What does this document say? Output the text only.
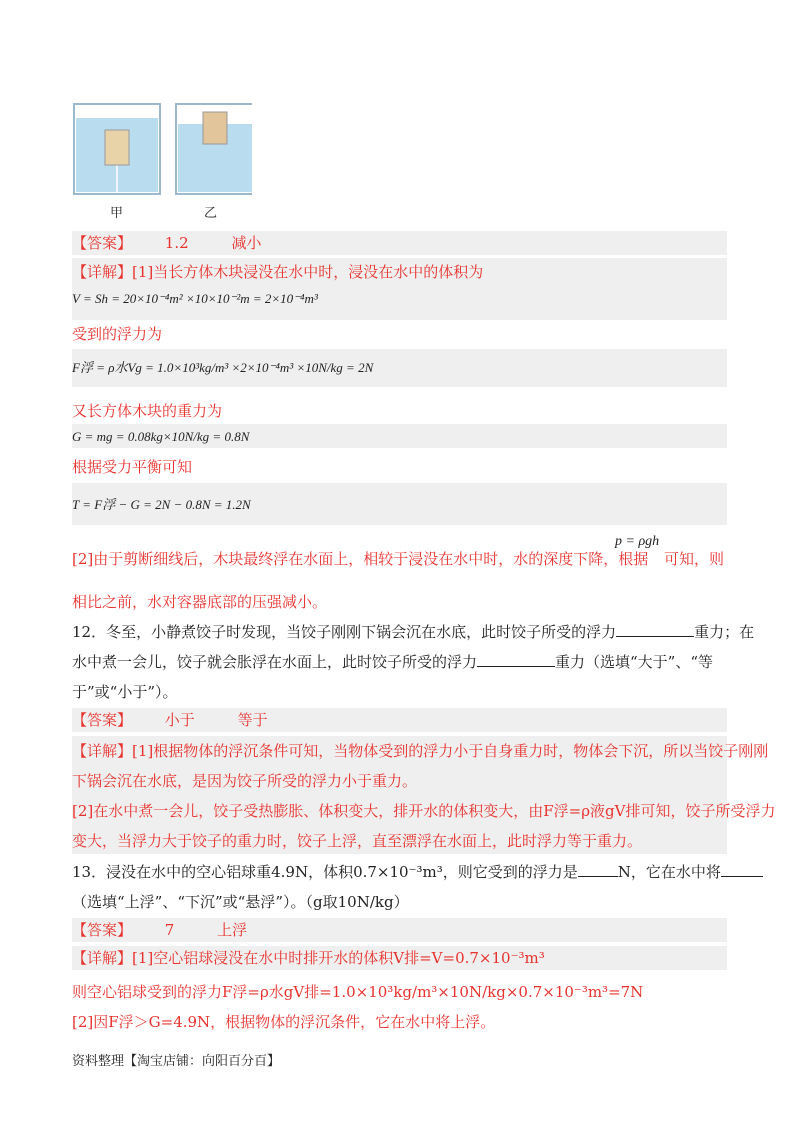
甲	乙
【答案】 1.2	减小
【详解】[1]当长方体木块浸没在水中时，浸没在水中的体积为
V = Sh = 20×10⁻⁴m² ×10×10⁻²m = 2×10⁻⁴m³
受到的浮力为
F浮 = ρ水Vg = 1.0×10³kg/m³ ×2×10⁻⁴m³ ×10N/kg = 2N
又长方体木块的重力为
G = mg = 0.08kg×10N/kg = 0.8N
根据受力平衡可知
T = F浮 − G = 2N − 0.8N = 1.2N
[2]由于剪断细线后，木块最终浮在水面上，相较于浸没在水中时，水的深度下降，根据
p = ρgh
可知，则
相比之前，水对容器底部的压强减小。
12．冬至，小静煮饺子时发现，当饺子刚刚下锅会沉在水底，此时饺子所受的浮力	重力；在
水中煮一会儿，饺子就会胀浮在水面上，此时饺子所受的浮力	重力（选填“大于”、“等
于”或“小于”）。
【答案】 小于	等于
【详解】[1]根据物体的浮沉条件可知，当物体受到的浮力小于自身重力时，物体会下沉，所以当饺子刚刚
下锅会沉在水底，是因为饺子所受的浮力小于重力。
[2]在水中煮一会儿，饺子受热膨胀、体积变大，排开水的体积变大，由F浮=ρ液gV排可知，饺子所受浮力
变大，当浮力大于饺子的重力时，饺子上浮，直至漂浮在水面上，此时浮力等于重力。
13．浸没在水中的空心铝球重4.9N，体积0.7×10⁻³m³，则它受到的浮力是	N，它在水中将
（选填“上浮”、“下沉”或“悬浮”）。（g取10N/kg）
【答案】 7	上浮
【详解】[1]空心铝球浸没在水中时排开水的体积V排=V=0.7×10⁻³m³
则空心铝球受到的浮力F浮=ρ水gV排=1.0×10³kg/m³×10N/kg×0.7×10⁻³m³=7N
[2]因F浮＞G=4.9N，根据物体的浮沉条件，它在水中将上浮。
资料整理【淘宝店铺：向阳百分百】
